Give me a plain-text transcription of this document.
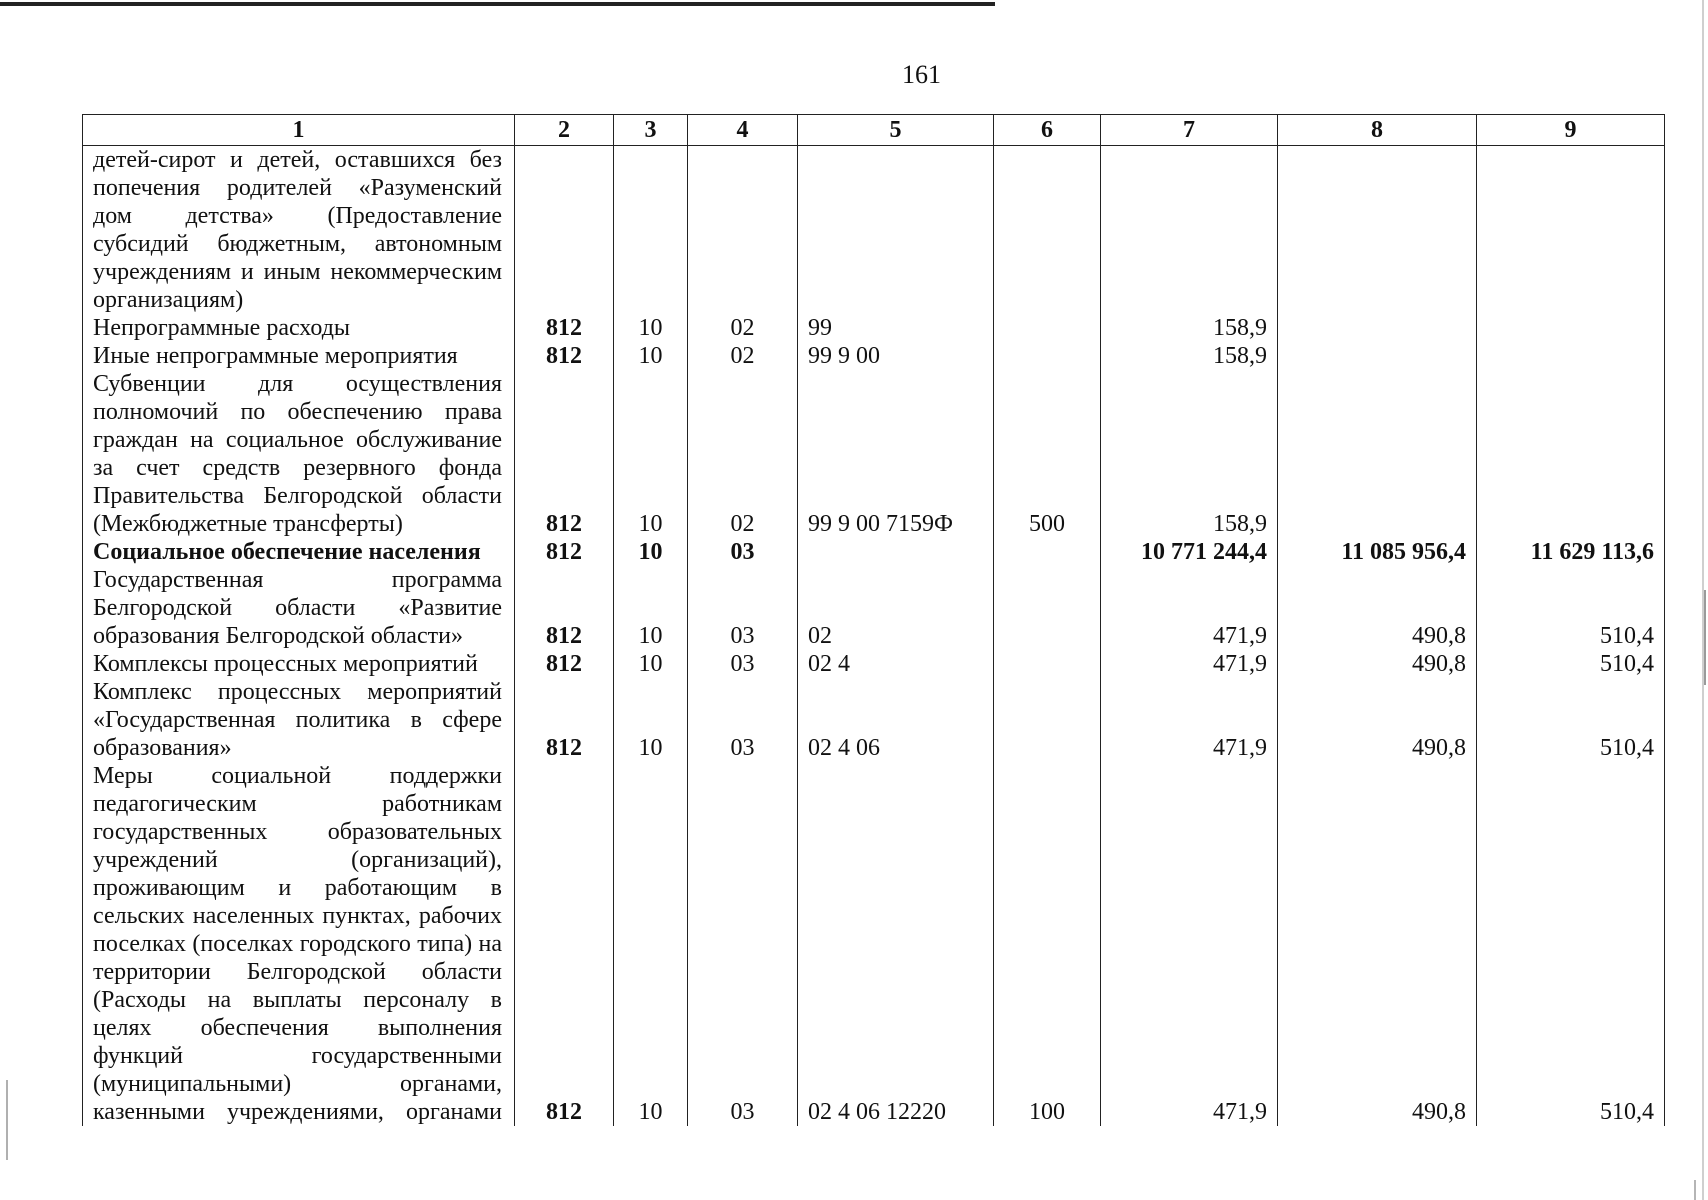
161
1	2	3	4	5	6	7	8	9
детей-сирот и детей, оставшихся без попечения родителей «Разуменский дом детства» (Предоставление субсидий бюджетным, автономным учреждениям и иным некоммерческим организациям)								
Непрограммные расходы	812	10	02	99		158,9		
Иные непрограммные мероприятия	812	10	02	99 9 00		158,9		
Субвенции для осуществления полномочий по обеспечению права граждан на социальное обслуживание за счет средств резервного фонда Правительства Белгородской области (Межбюджетные трансферты)	812	10	02	99 9 00 7159Ф	500	158,9		
Социальное обеспечение населения	812	10	03			10 771 244,4	11 085 956,4	11 629 113,6
Государственная программа Белгородской области «Развитие образования Белгородской области»	812	10	03	02		471,9	490,8	510,4
Комплексы процессных мероприятий	812	10	03	02 4		471,9	490,8	510,4
Комплекс процессных мероприятий «Государственная политика в сфере образования»	812	10	03	02 4 06		471,9	490,8	510,4
Меры социальной поддержки педагогическим работникам государственных образовательных учреждений (организаций), проживающим и работающим в сельских населенных пунктах, рабочих поселках (поселках городского типа) на территории Белгородской области (Расходы на выплаты персоналу в целях обеспечения выполнения функций государственными (муниципальными) органами, казенными учреждениями, органами	812	10	03	02 4 06 12220	100	471,9	490,8	510,4
